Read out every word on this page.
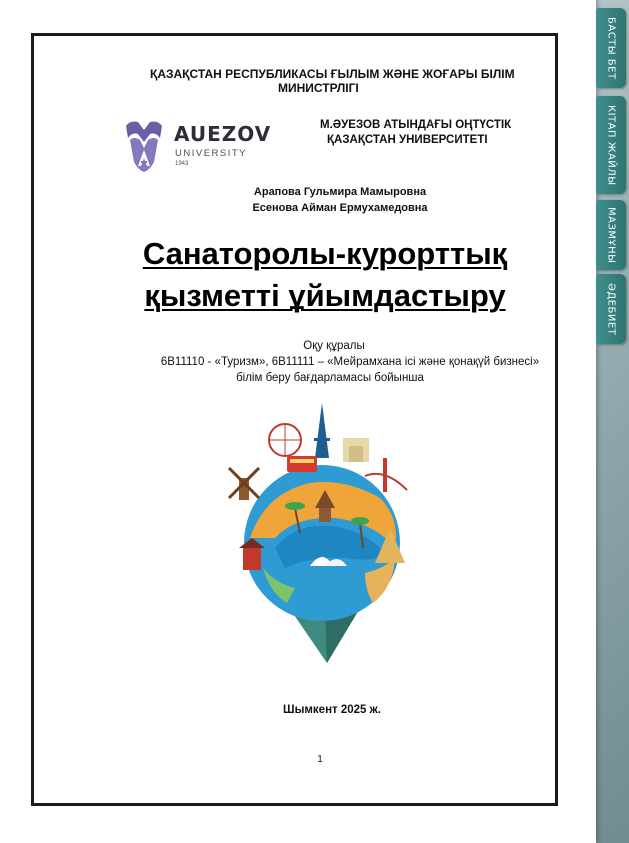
ҚАЗАҚСТАН РЕСПУБЛИКАСЫ ҒЫЛЫМ ЖӘНЕ ЖОҒАРЫ БІЛІМ
МИНИСТРЛІГІ
AUEZOV
UNIVERSITY
1943
М.ӘУЕЗОВ АТЫНДАҒЫ ОҢТҮСТІК
ҚАЗАҚСТАН УНИВЕРСИТЕТІ
Арапова Гульмира Мамыровна
Есенова Айман Ермухамедовна
Санаторолы-курорттық
қызметті ұйымдастыру
Оқу құралы
6В11110 - «Туризм», 6В11111 – «Мейрамхана ісі және қонақүй бизнесі»
білім беру бағдарламасы бойынша
Шымкент 2025 ж.
1
БАСТЫ БЕТ
КІТАП ЖАЙЛЫ
МАЗМҰНЫ
ӘДЕБИЕТ
